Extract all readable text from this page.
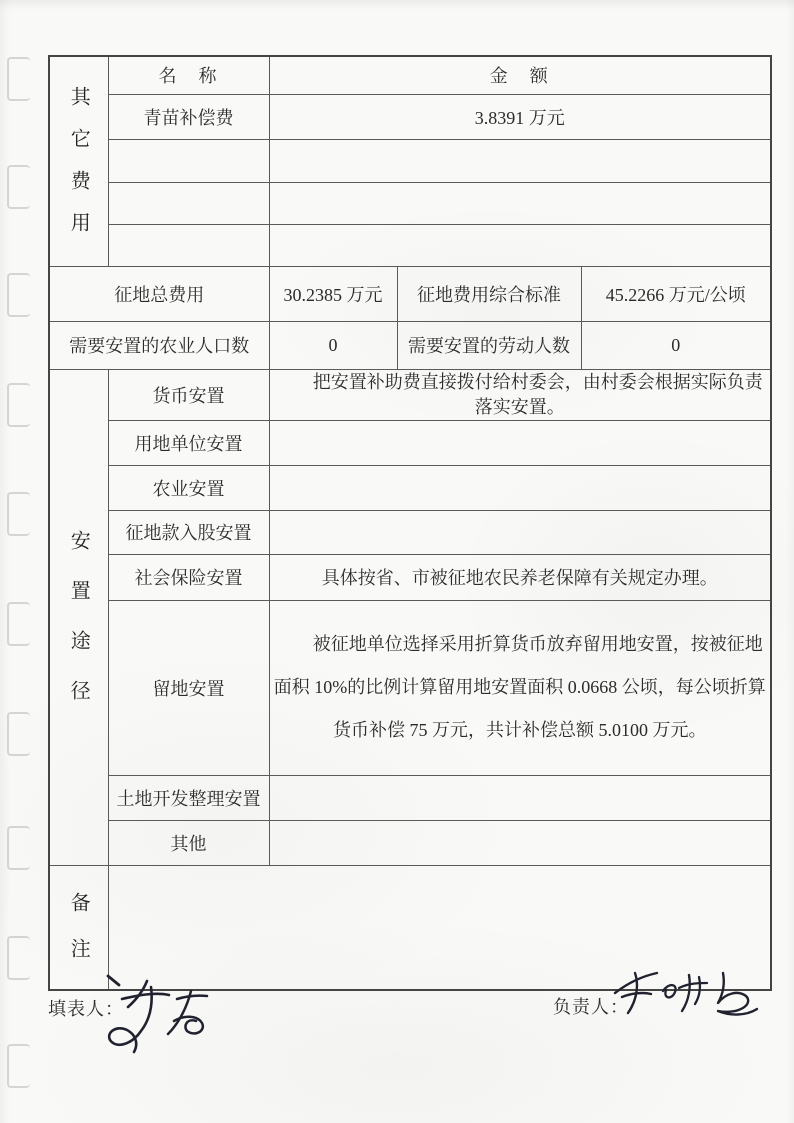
其它费用	名　称	金　额		
	青苗补偿费	3.8391 万元		

征地总费用		30.2385 万元	征地费用综合标准	45.2266 万元/公顷
需要安置的农业人口数		0	需要安置的劳动人数	0
安置途径	货币安置	把安置补助费直接拨付给村委会，由村委会根据实际负责落实安置。		
	用地单位安置			
	农业安置			
	征地款入股安置			
	社会保险安置	具体按省、市被征地农民养老保障有关规定办理。		
	留地安置	被征地单位选择采用折算货币放弃留用地安置，按被征地面积 10%的比例计算留用地安置面积 0.0668 公顷，每公顷折算货币补偿 75 万元，共计补偿总额 5.0100 万元。		
	土地开发整理安置			
	其他			
备注				
填表人：	负责人：
